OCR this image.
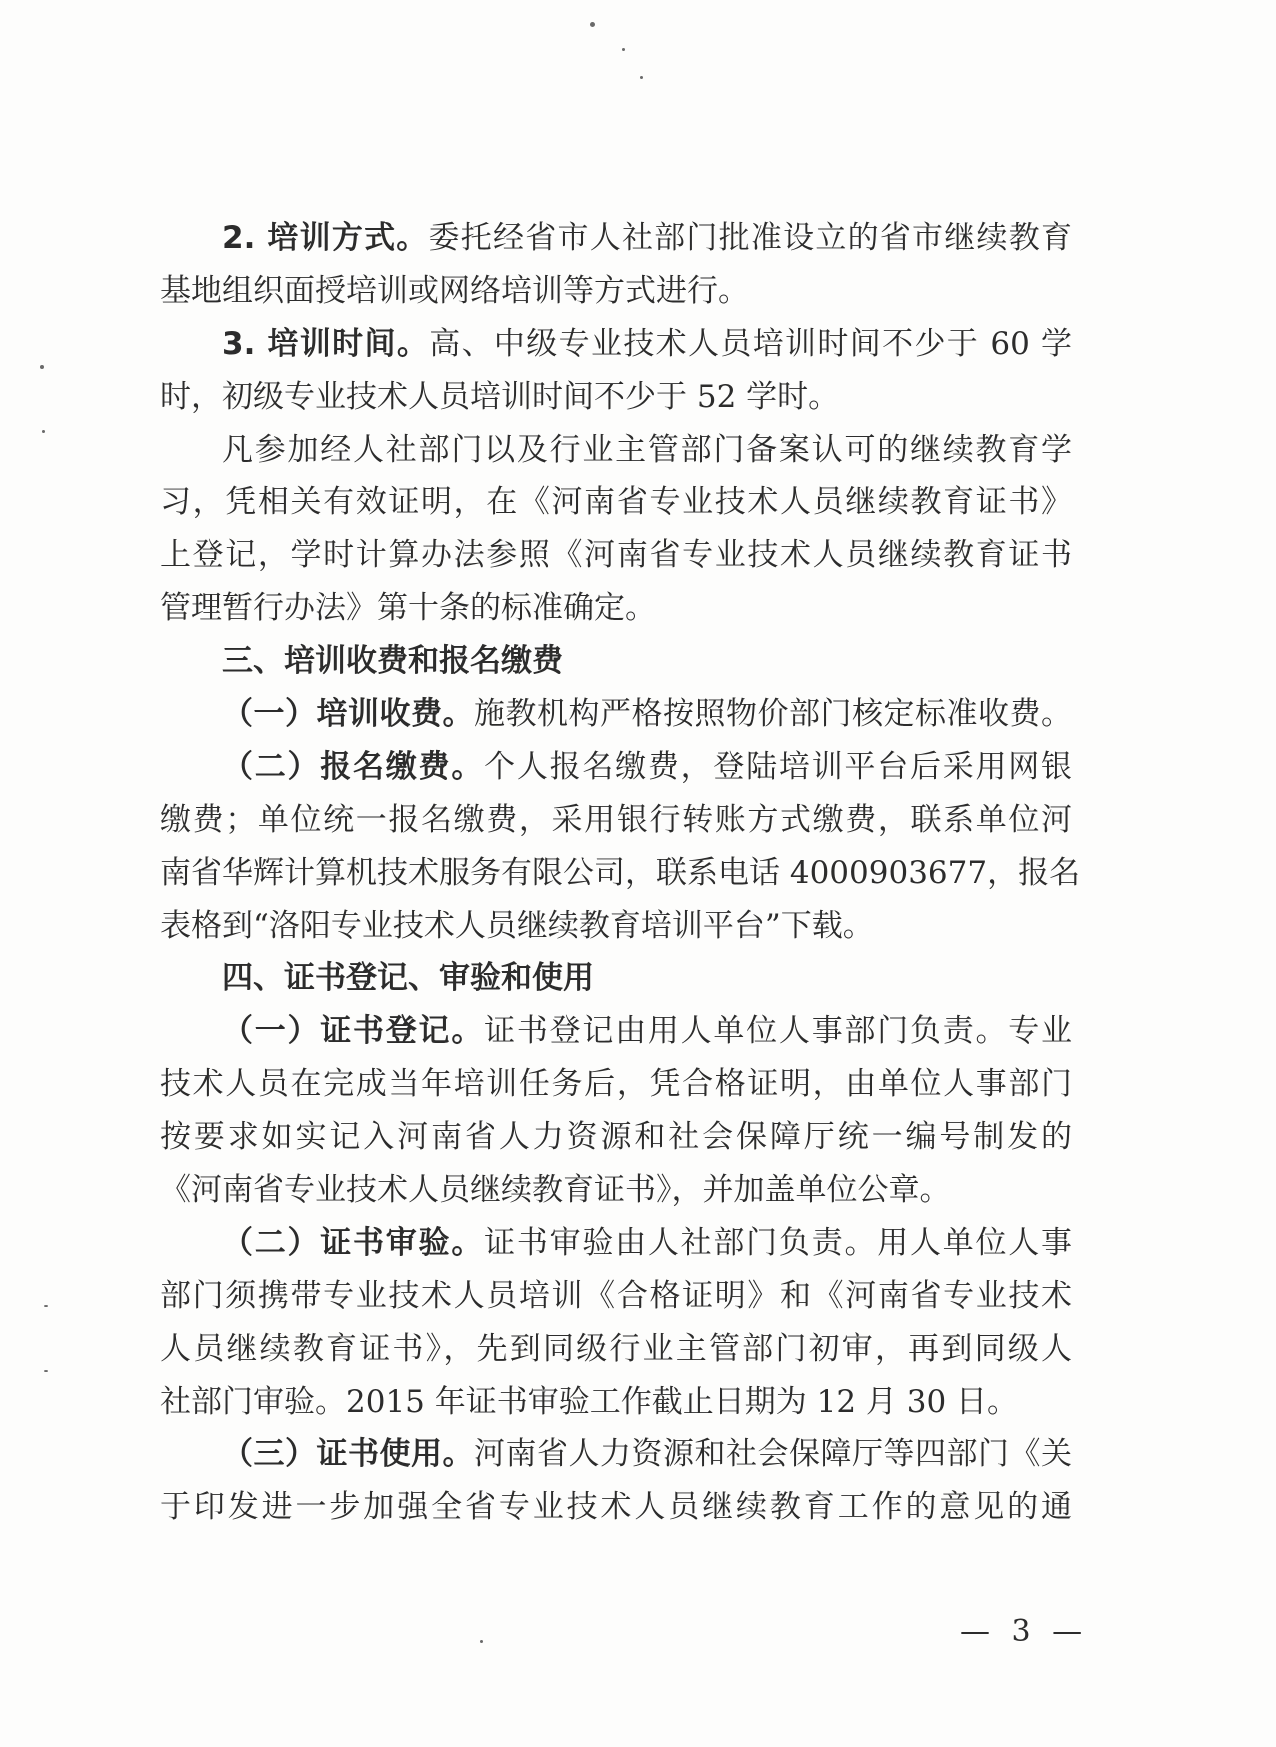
2. 培训方式。委托经省市人社部门批准设立的省市继续教育
基地组织面授培训或网络培训等方式进行。
3. 培训时间。高、中级专业技术人员培训时间不少于 60 学
时，初级专业技术人员培训时间不少于 52 学时。
凡参加经人社部门以及行业主管部门备案认可的继续教育学
习，凭相关有效证明，在《河南省专业技术人员继续教育证书》
上登记，学时计算办法参照《河南省专业技术人员继续教育证书
管理暂行办法》第十条的标准确定。
三、培训收费和报名缴费
（一）培训收费。施教机构严格按照物价部门核定标准收费。
（二）报名缴费。个人报名缴费，登陆培训平台后采用网银
缴费；单位统一报名缴费，采用银行转账方式缴费，联系单位河
南省华辉计算机技术服务有限公司，联系电话 4000903677，报名
表格到“洛阳专业技术人员继续教育培训平台”下载。
四、证书登记、审验和使用
（一）证书登记。证书登记由用人单位人事部门负责。专业
技术人员在完成当年培训任务后，凭合格证明，由单位人事部门
按要求如实记入河南省人力资源和社会保障厅统一编号制发的
《河南省专业技术人员继续教育证书》，并加盖单位公章。
（二）证书审验。证书审验由人社部门负责。用人单位人事
部门须携带专业技术人员培训《合格证明》和《河南省专业技术
人员继续教育证书》，先到同级行业主管部门初审，再到同级人
社部门审验。2015 年证书审验工作截止日期为 12 月 30 日。
（三）证书使用。河南省人力资源和社会保障厅等四部门《关
于印发进一步加强全省专业技术人员继续教育工作的意见的通
— 3 —
